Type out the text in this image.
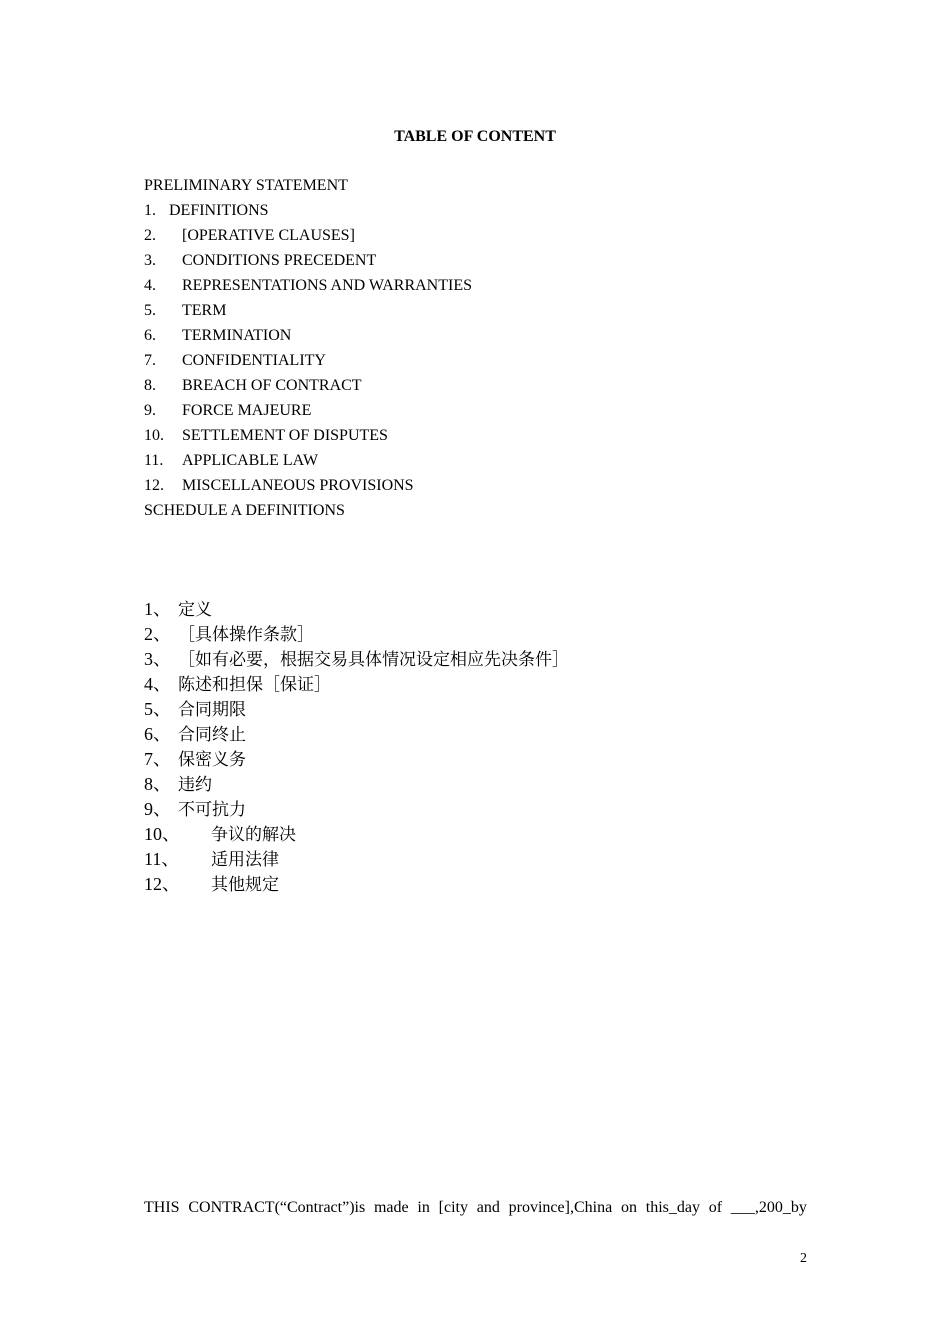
TABLE OF CONTENT
PRELIMINARY STATEMENT
1. DEFINITIONS
2. [OPERATIVE CLAUSES]
3. CONDITIONS PRECEDENT
4. REPRESENTATIONS AND WARRANTIES
5. TERM
6. TERMINATION
7. CONFIDENTIALITY
8. BREACH OF CONTRACT
9. FORCE MAJEURE
10. SETTLEMENT OF DISPUTES
11. APPLICABLE LAW
12. MISCELLANEOUS PROVISIONS
SCHEDULE A DEFINITIONS
1、 定义
2、 ［具体操作条款］
3、 ［如有必要，根据交易具体情况设定相应先决条件］
4、 陈述和担保［保证］
5、 合同期限
6、 合同终止
7、 保密义务
8、 违约
9、 不可抗力
10、 争议的解决
11、 适用法律
12、 其他规定
THIS CONTRACT(“Contract”)is made in [city and province],China on this_day of ___,200_by
2
